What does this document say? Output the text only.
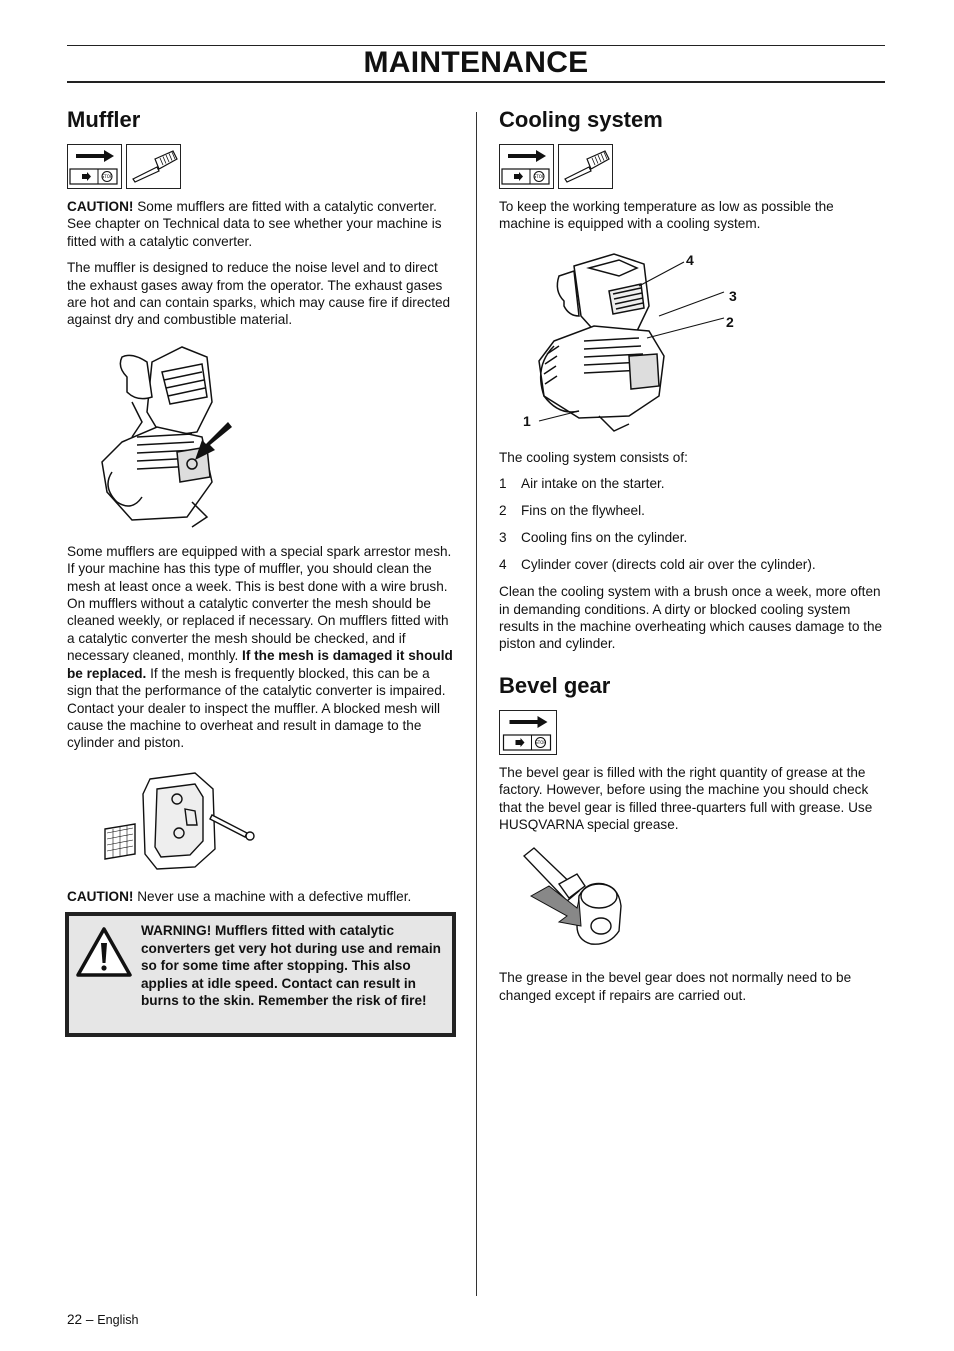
MAINTENANCE
Muffler
STOP

CAUTION! Some mufflers are fitted with a catalytic converter. See chapter on Technical data to see whether your machine is fitted with a catalytic converter.

The muffler is designed to reduce the noise level and to direct the exhaust gases away from the operator. The exhaust gases are hot and can contain sparks, which may cause fire if directed against dry and combustible material.

Some mufflers are equipped with a special spark arrestor mesh. If your machine has this type of muffler, you should clean the mesh at least once a week. This is best done with a wire brush. On mufflers without a catalytic converter the mesh should be cleaned weekly, or replaced if necessary. On mufflers fitted with a catalytic converter the mesh should be checked, and if necessary cleaned, monthly. If the mesh is damaged it should be replaced. If the mesh is frequently blocked, this can be a sign that the performance of the catalytic converter is impaired. Contact your dealer to inspect the muffler. A blocked mesh will cause the machine to overheat and result in damage to the cylinder and piston.

CAUTION! Never use a machine with a defective muffler.

WARNING! Mufflers fitted with catalytic converters get very hot during use and remain so for some time after stopping. This also applies at idle speed. Contact can result in burns to the skin. Remember the risk of fire!
Cooling system
STOP

To keep the working temperature as low as possible the machine is equipped with a cooling system.

4
3
2
1

The cooling system consists of:

1	Air intake on the starter.
2	Fins on the flywheel.
3	Cooling fins on the cylinder.
4	Cylinder cover (directs cold air over the cylinder).

Clean the cooling system with a brush once a week, more often in demanding conditions. A dirty or blocked cooling system results in the machine overheating which causes damage to the piston and cylinder.

Bevel gear
STOP

The bevel gear is filled with the right quantity of grease at the factory. However, before using the machine you should check that the bevel gear is filled three-quarters full with grease. Use HUSQVARNA special grease.

The grease in the bevel gear does not normally need to be changed except if repairs are carried out.

22 – English
